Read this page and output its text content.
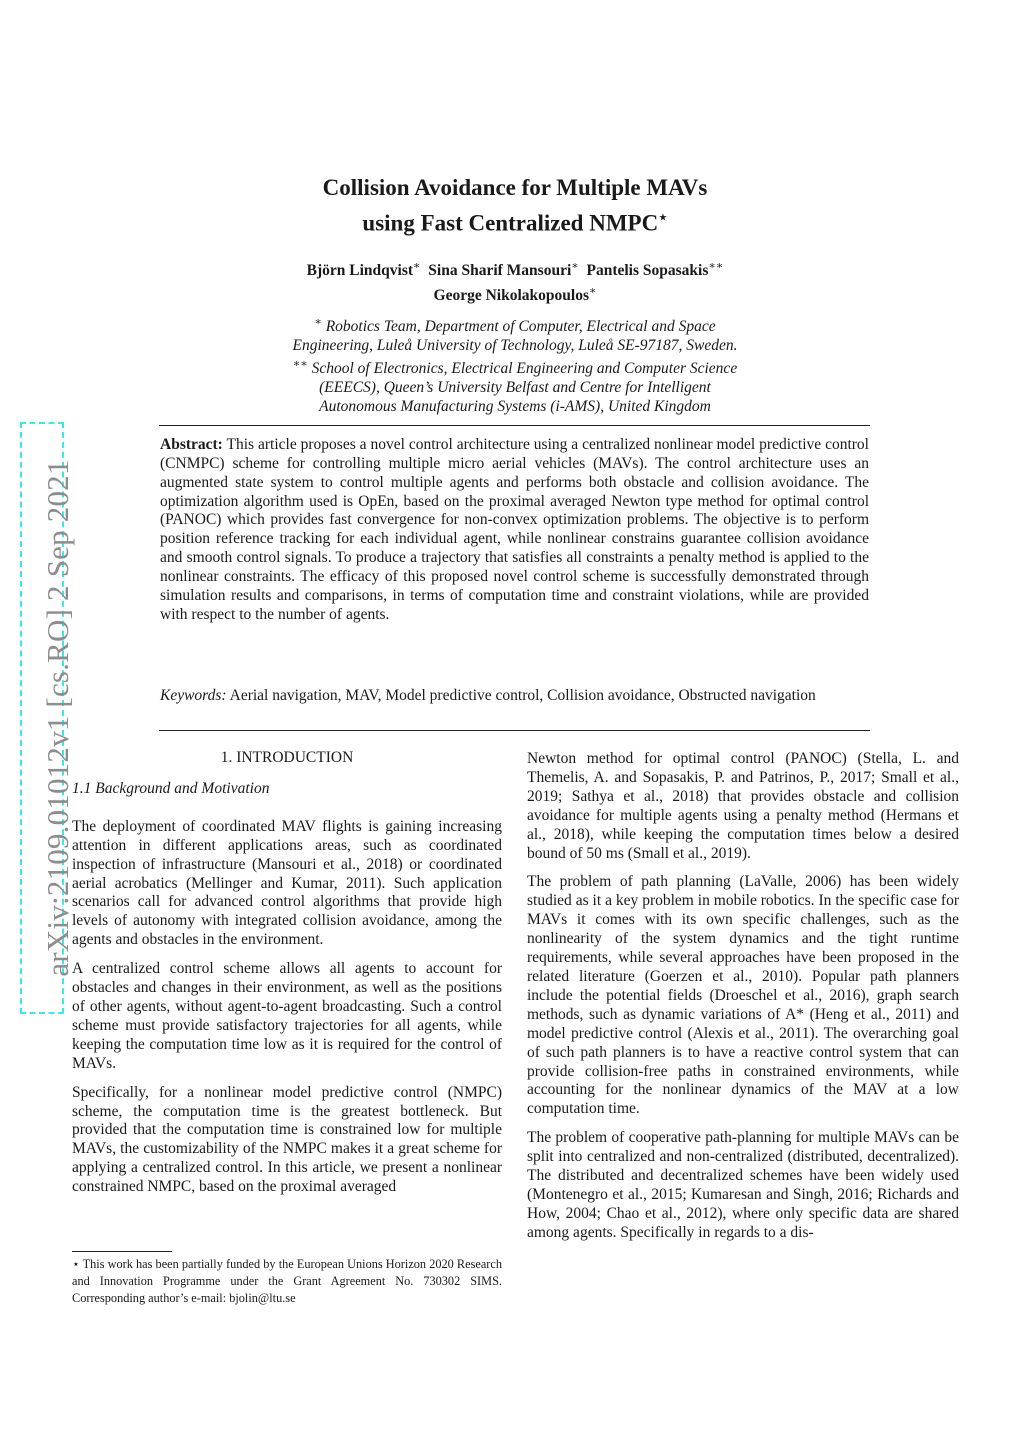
arXiv:2109.01012v1 [cs.RO] 2 Sep 2021
Collision Avoidance for Multiple MAVs
using Fast Centralized NMPC⋆
Björn Lindqvist∗ Sina Sharif Mansouri∗ Pantelis Sopasakis∗∗
George Nikolakopoulos∗
∗ Robotics Team, Department of Computer, Electrical and Space
Engineering, Luleå University of Technology, Luleå SE-97187, Sweden.
∗∗ School of Electronics, Electrical Engineering and Computer Science
(EEECS), Queen’s University Belfast and Centre for Intelligent
Autonomous Manufacturing Systems (i-AMS), United Kingdom
Abstract: This article proposes a novel control architecture using a centralized nonlinear model predictive control (CNMPC) scheme for controlling multiple micro aerial vehicles (MAVs). The control architecture uses an augmented state system to control multiple agents and performs both obstacle and collision avoidance. The optimization algorithm used is OpEn, based on the proximal averaged Newton type method for optimal control (PANOC) which provides fast convergence for non-convex optimization problems. The objective is to perform position reference tracking for each individual agent, while nonlinear constrains guarantee collision avoidance and smooth control signals. To produce a trajectory that satisfies all constraints a penalty method is applied to the nonlinear constraints. The efficacy of this proposed novel control scheme is successfully demonstrated through simulation results and comparisons, in terms of computation time and constraint violations, while are provided with respect to the number of agents.
Keywords: Aerial navigation, MAV, Model predictive control, Collision avoidance, Obstructed navigation
1. INTRODUCTION
1.1 Background and Motivation

The deployment of coordinated MAV flights is gaining increasing attention in different applications areas, such as coordinated inspection of infrastructure (Mansouri et al., 2018) or coordinated aerial acrobatics (Mellinger and Kumar, 2011). Such application scenarios call for advanced control algorithms that provide high levels of autonomy with integrated collision avoidance, among the agents and obstacles in the environment.

A centralized control scheme allows all agents to account for obstacles and changes in their environment, as well as the positions of other agents, without agent-to-agent broadcasting. Such a control scheme must provide satisfactory trajectories for all agents, while keeping the computation time low as it is required for the control of MAVs.

Specifically, for a nonlinear model predictive control (NMPC) scheme, the computation time is the greatest bottleneck. But provided that the computation time is constrained low for multiple MAVs, the customizability of the NMPC makes it a great scheme for applying a centralized control. In this article, we present a nonlinear constrained NMPC, based on the proximal averaged

⋆ This work has been partially funded by the European Unions Horizon 2020 Research and Innovation Programme under the Grant Agreement No. 730302 SIMS. Corresponding author’s e-mail: bjolin@ltu.se

Newton method for optimal control (PANOC) (Stella, L. and Themelis, A. and Sopasakis, P. and Patrinos, P., 2017; Small et al., 2019; Sathya et al., 2018) that provides obstacle and collision avoidance for multiple agents using a penalty method (Hermans et al., 2018), while keeping the computation times below a desired bound of 50 ms (Small et al., 2019).

The problem of path planning (LaValle, 2006) has been widely studied as it a key problem in mobile robotics. In the specific case for MAVs it comes with its own specific challenges, such as the nonlinearity of the system dynamics and the tight runtime requirements, while several approaches have been proposed in the related literature (Goerzen et al., 2010). Popular path planners include the potential fields (Droeschel et al., 2016), graph search methods, such as dynamic variations of A* (Heng et al., 2011) and model predictive control (Alexis et al., 2011). The overarching goal of such path planners is to have a reactive control system that can provide collision-free paths in constrained environments, while accounting for the nonlinear dynamics of the MAV at a low computation time.

The problem of cooperative path-planning for multiple MAVs can be split into centralized and non-centralized (distributed, decentralized). The distributed and decentralized schemes have been widely used (Montenegro et al., 2015; Kumaresan and Singh, 2016; Richards and How, 2004; Chao et al., 2012), where only specific data are shared among agents. Specifically in regards to a dis-
